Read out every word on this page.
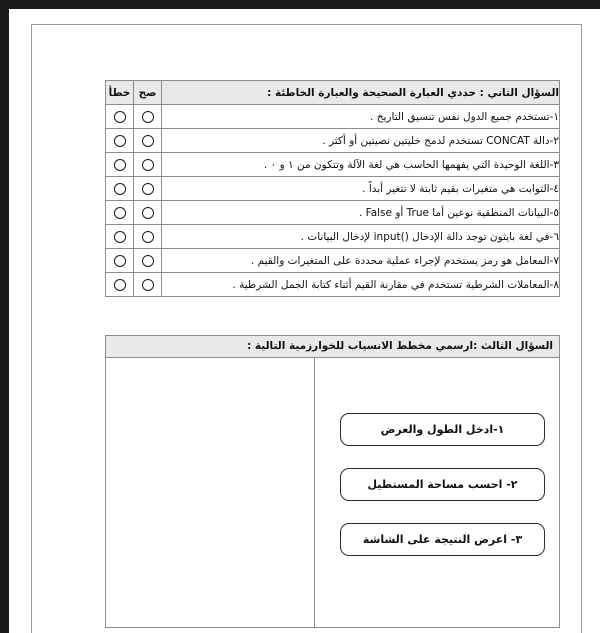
السؤال الثاني : حددي العبارة الصحيحة والعبارة الخاطئة :	صح	خطأ
١-تستخدم جميع الدول نفس تنسيق التاريخ .		
٢-دالة CONCAT تستخدم لدمج خليتين نصيتين أو أكثر .		
٣-اللغة الوحيدة التي يفهمها الحاسب هي لغة الآلة وتتكون من ١ و ٠ .		
٤-الثوابت هي متغيرات بقيم ثابتة لا تتغير أبداً .		
٥-البيانات المنطقية نوعين أما True أو False .		
٦-في لغة بايثون توجد دالة الإدخال ()input لإدخال البيانات .		
٧-المعامل هو رمز يستخدم لإجراء عملية محددة على المتغيرات والقيم .		
٨-المعاملات الشرطية تستخدم في مقارنة القيم أثناء كتابة الجمل الشرطية .		
السؤال الثالث :ارسمي مخطط الانسياب للخوارزمية التالية :
١-ادخل الطول والعرض
٢- احسب مساحة المستطيل
٣- اعرض النتيجة على الشاشة
